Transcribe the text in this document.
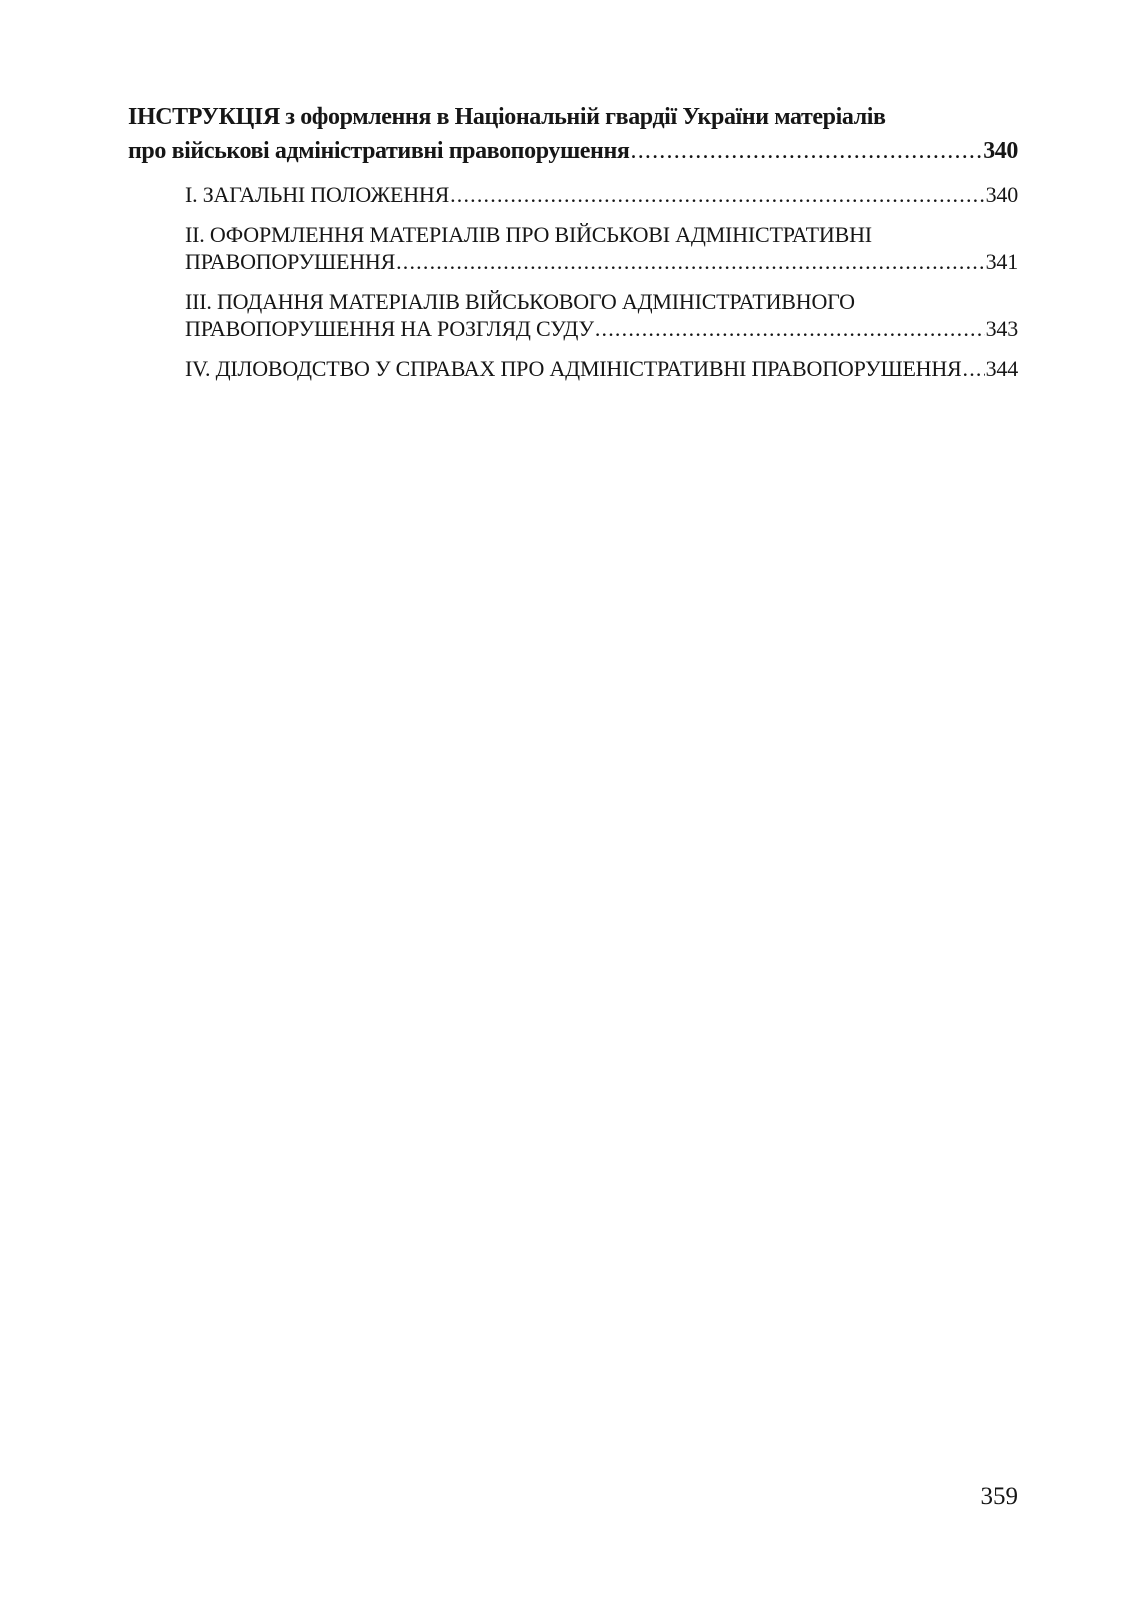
ІНСТРУКЦІЯ з оформлення в Національній гвардії України матеріалів
про військові адміністративні правопорушення .....	340
I. ЗАГАЛЬНІ ПОЛОЖЕННЯ .....	340
II. ОФОРМЛЕННЯ МАТЕРІАЛІВ ПРО ВІЙСЬКОВІ АДМІНІСТРАТИВНІ
ПРАВОПОРУШЕННЯ .....	341
III. ПОДАННЯ МАТЕРІАЛІВ ВІЙСЬКОВОГО АДМІНІСТРАТИВНОГО
ПРАВОПОРУШЕННЯ НА РОЗГЛЯД СУДУ .....	343
IV. ДІЛОВОДСТВО У СПРАВАХ ПРО АДМІНІСТРАТИВНІ ПРАВОПОРУШЕННЯ ..... 344
359
